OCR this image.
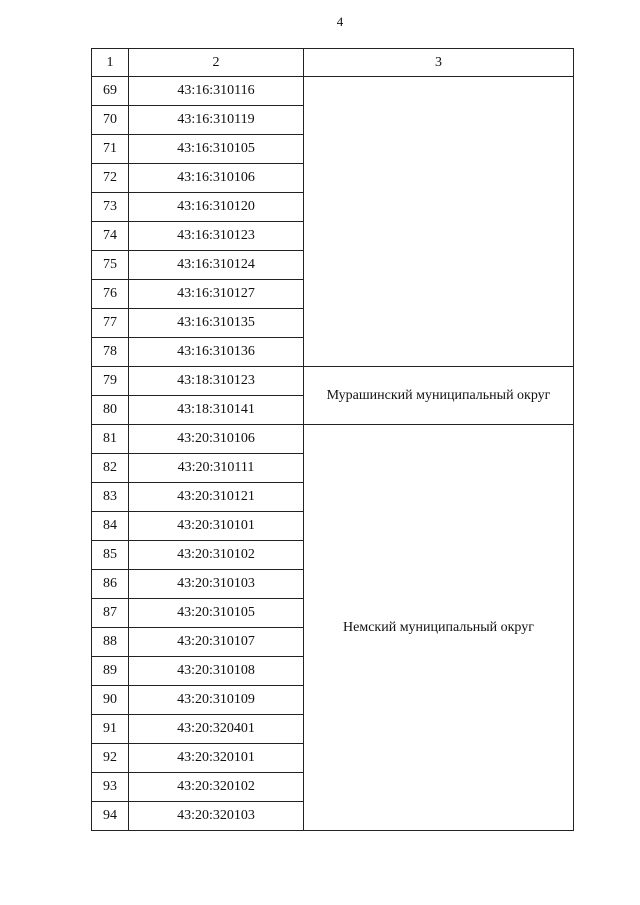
4
1	2	3
69	43:16:310116	
70	43:16:310119	
71	43:16:310105	
72	43:16:310106	
73	43:16:310120	
74	43:16:310123	
75	43:16:310124	
76	43:16:310127	
77	43:16:310135	
78	43:16:310136	
79	43:18:310123	Мурашинский муниципальный округ
80	43:18:310141	
81	43:20:310106	Немский муниципальный округ
82	43:20:310111	
83	43:20:310121	
84	43:20:310101	
85	43:20:310102	
86	43:20:310103	
87	43:20:310105	
88	43:20:310107	
89	43:20:310108	
90	43:20:310109	
91	43:20:320401	
92	43:20:320101	
93	43:20:320102	
94	43:20:320103	
